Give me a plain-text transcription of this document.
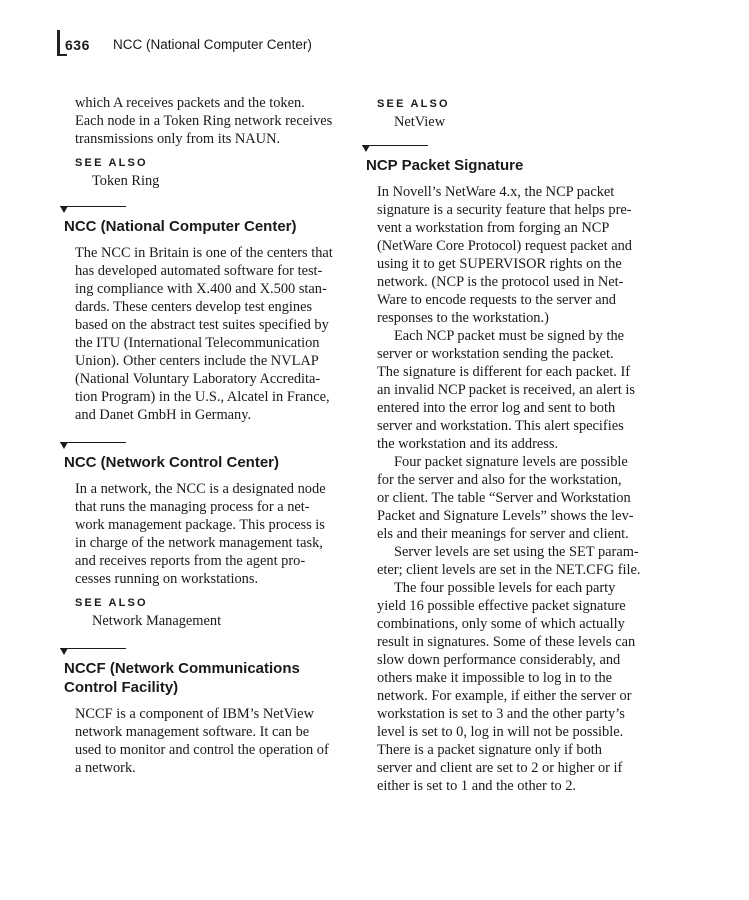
636 NCC (National Computer Center)
which A receives packets and the token.
Each node in a Token Ring network receives
transmissions only from its NAUN.
SEE ALSO
Token Ring
NCC (National Computer Center)
The NCC in Britain is one of the centers that
has developed automated software for test-
ing compliance with X.400 and X.500 stan-
dards. These centers develop test engines
based on the abstract test suites specified by
the ITU (International Telecommunication
Union). Other centers include the NVLAP
(National Voluntary Laboratory Accredita-
tion Program) in the U.S., Alcatel in France,
and Danet GmbH in Germany.
NCC (Network Control Center)
In a network, the NCC is a designated node
that runs the managing process for a net-
work management package. This process is
in charge of the network management task,
and receives reports from the agent pro-
cesses running on workstations.
SEE ALSO
Network Management
NCCF (Network Communications
Control Facility)
NCCF is a component of IBM’s NetView
network management software. It can be
used to monitor and control the operation of
a network.
SEE ALSO
NetView
NCP Packet Signature
In Novell’s NetWare 4.x, the NCP packet
signature is a security feature that helps pre-
vent a workstation from forging an NCP
(NetWare Core Protocol) request packet and
using it to get SUPERVISOR rights on the
network. (NCP is the protocol used in Net-
Ware to encode requests to the server and
responses to the workstation.)
Each NCP packet must be signed by the
server or workstation sending the packet.
The signature is different for each packet. If
an invalid NCP packet is received, an alert is
entered into the error log and sent to both
server and workstation. This alert specifies
the workstation and its address.
Four packet signature levels are possible
for the server and also for the workstation,
or client. The table “Server and Workstation
Packet and Signature Levels” shows the lev-
els and their meanings for server and client.
Server levels are set using the SET param-
eter; client levels are set in the NET.CFG file.
The four possible levels for each party
yield 16 possible effective packet signature
combinations, only some of which actually
result in signatures. Some of these levels can
slow down performance considerably, and
others make it impossible to log in to the
network. For example, if either the server or
workstation is set to 3 and the other party’s
level is set to 0, log in will not be possible.
There is a packet signature only if both
server and client are set to 2 or higher or if
either is set to 1 and the other to 2.
